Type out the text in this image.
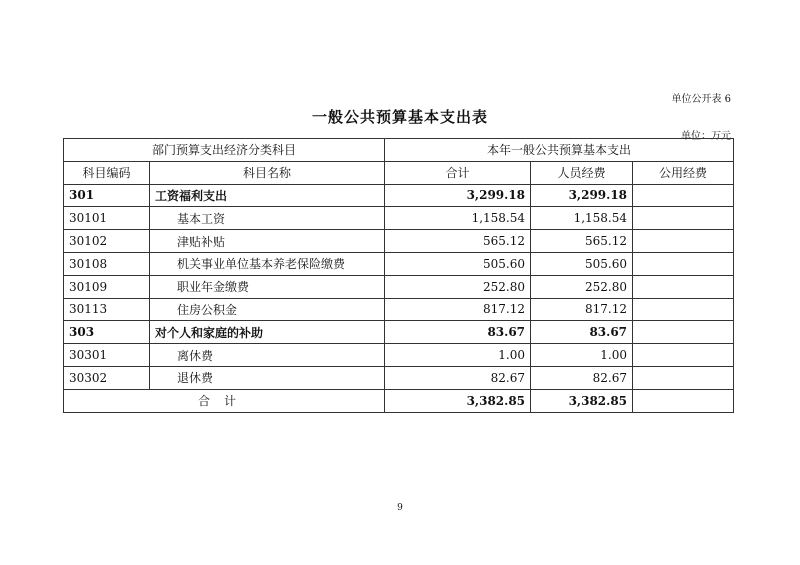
单位公开表 6
一般公共预算基本支出表
单位：万元
部门预算支出经济分类科目		本年一般公共预算基本支出		
科目编码	科目名称	合计	人员经费	公用经费
301	工资福利支出	3,299.18	3,299.18	
30101	基本工资	1,158.54	1,158.54	
30102	津贴补贴	565.12	565.12	
30108	机关事业单位基本养老保险缴费	505.60	505.60	
30109	职业年金缴费	252.80	252.80	
30113	住房公积金	817.12	817.12	
303	对个人和家庭的补助	83.67	83.67	
30301	离休费	1.00	1.00	
30302	退休费	82.67	82.67	
合计		3,382.85	3,382.85	
9
